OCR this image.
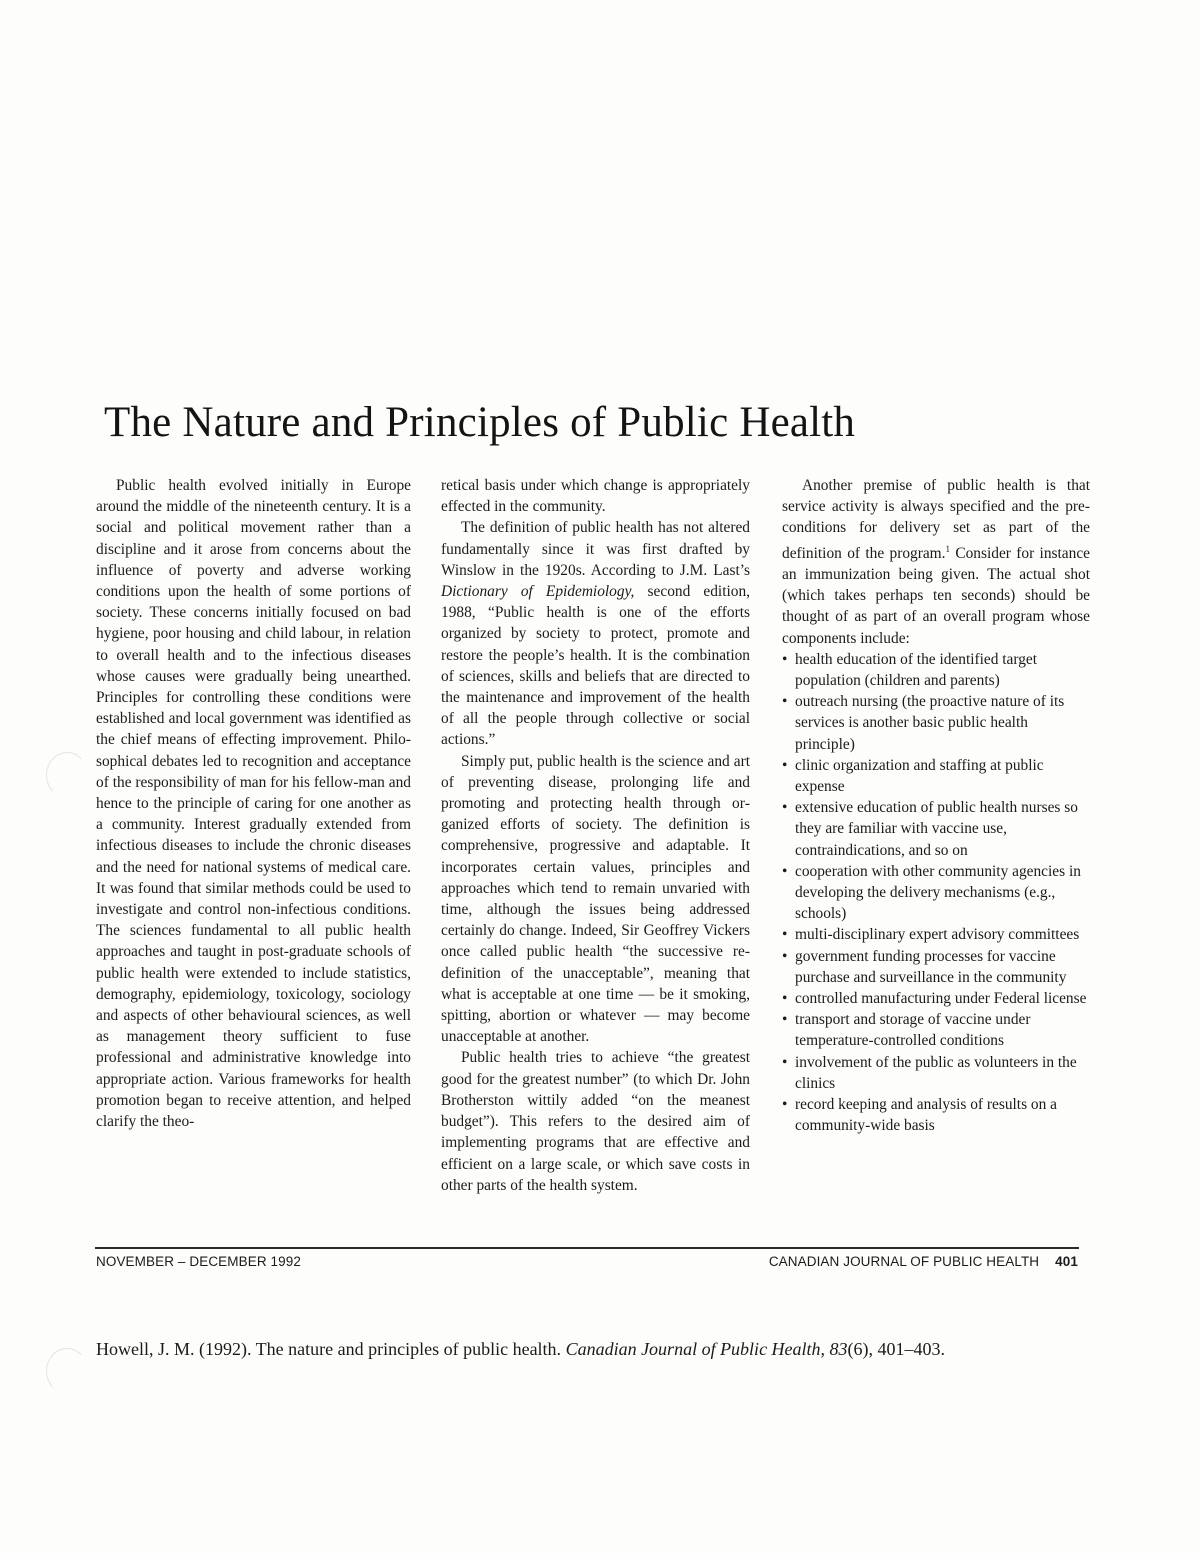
The Nature and Principles of Public Health

Public health evolved initially in Europe around the middle of the nineteenth century. It is a social and political movement rather than a discipline and it arose from concerns about the influence of poverty and adverse working conditions upon the health of some portions of society. These concerns initially focused on bad hygiene, poor housing and child labour, in relation to overall health and to the infectious diseases whose causes were gradually being unearthed. Principles for controlling these conditions were established and local government was identified as the chief means of effecting improvement. Philosophical debates led to recognition and acceptance of the responsibility of man for his fellow-man and hence to the principle of caring for one another as a community. Interest gradually extended from infectious diseases to include the chronic diseases and the need for national systems of medical care. It was found that similar methods could be used to investigate and control non-infectious conditions. The sciences fundamental to all public health approaches and taught in post-graduate schools of public health were extended to include statistics, demography, epidemiology, toxicology, sociology and aspects of other behavioural sciences, as well as management theory sufficient to fuse professional and administrative knowledge into appropriate action. Various frameworks for health promotion began to receive attention, and helped clarify the theo-

retical basis under which change is appropriately effected in the community.

The definition of public health has not altered fundamentally since it was first drafted by Winslow in the 1920s. According to J.M. Last’s Dictionary of Epidemiology, second edition, 1988, “Public health is one of the efforts organized by society to protect, promote and restore the people’s health. It is the combination of sciences, skills and beliefs that are directed to the maintenance and improvement of the health of all the people through collective or social actions.”

Simply put, public health is the science and art of preventing disease, prolonging life and promoting and protecting health through organized efforts of society. The definition is comprehensive, progressive and adaptable. It incorporates certain values, principles and approaches which tend to remain unvaried with time, although the issues being addressed certainly do change. Indeed, Sir Geoffrey Vickers once called public health “the successive re-definition of the unacceptable”, meaning that what is acceptable at one time — be it smoking, spitting, abortion or whatever — may become unacceptable at another.

Public health tries to achieve “the greatest good for the greatest number” (to which Dr. John Brotherston wittily added “on the meanest budget”). This refers to the desired aim of implementing programs that are effective and efficient on a large scale, or which save costs in other parts of the health system.

Another premise of public health is that service activity is always specified and the pre-conditions for delivery set as part of the definition of the program.$^1$ Consider for instance an immunization being given. The actual shot (which takes perhaps ten seconds) should be thought of as part of an overall program whose components include:

• health education of the identified target population (children and parents)
• outreach nursing (the proactive nature of its services is another basic public health principle)
• clinic organization and staffing at public expense
• extensive education of public health nurses so they are familiar with vaccine use, contraindications, and so on
• cooperation with other community agencies in developing the delivery mechanisms (e.g., schools)
• multi-disciplinary expert advisory committees
• government funding processes for vaccine purchase and surveillance in the community
• controlled manufacturing under Federal license
• transport and storage of vaccine under temperature-controlled conditions
• involvement of the public as volunteers in the clinics
• record keeping and analysis of results on a community-wide basis
NOVEMBER – DECEMBER 1992	CANADIAN JOURNAL OF PUBLIC HEALTH 401
Howell, J. M. (1992). The nature and principles of public health. Canadian Journal of Public Health, 83(6), 401–403.
